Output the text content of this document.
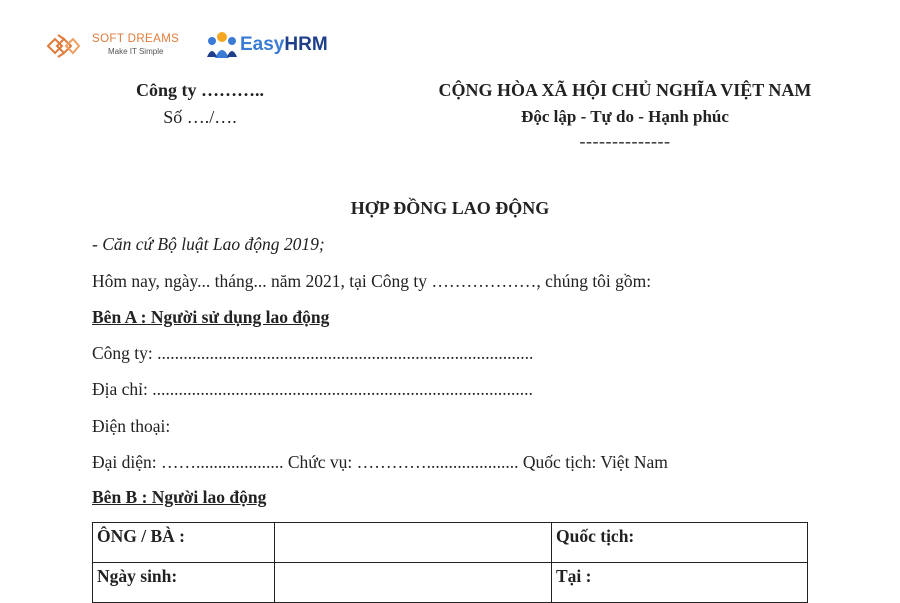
SOFT DREAMS
Make IT Simple	EasyHRM
Công ty ………..
Số …./….
CỘNG HÒA XÃ HỘI CHỦ NGHĨA VIỆT NAM
Độc lập - Tự do - Hạnh phúc
--------------
HỢP ĐỒNG LAO ĐỘNG
- Căn cứ Bộ luật Lao động 2019;
Hôm nay, ngày... tháng... năm 2021, tại Công ty ………………, chúng tôi gồm:
Bên A : Người sử dụng lao động
Công ty: ......................................................................................
Địa chỉ: .......................................................................................
Điện thoại:
Đại diện: …….................... Chức vụ: …………..................... Quốc tịch: Việt Nam
Bên B : Người lao động
ÔNG / BÀ :		Quốc tịch:
Ngày sinh:		Tại :
